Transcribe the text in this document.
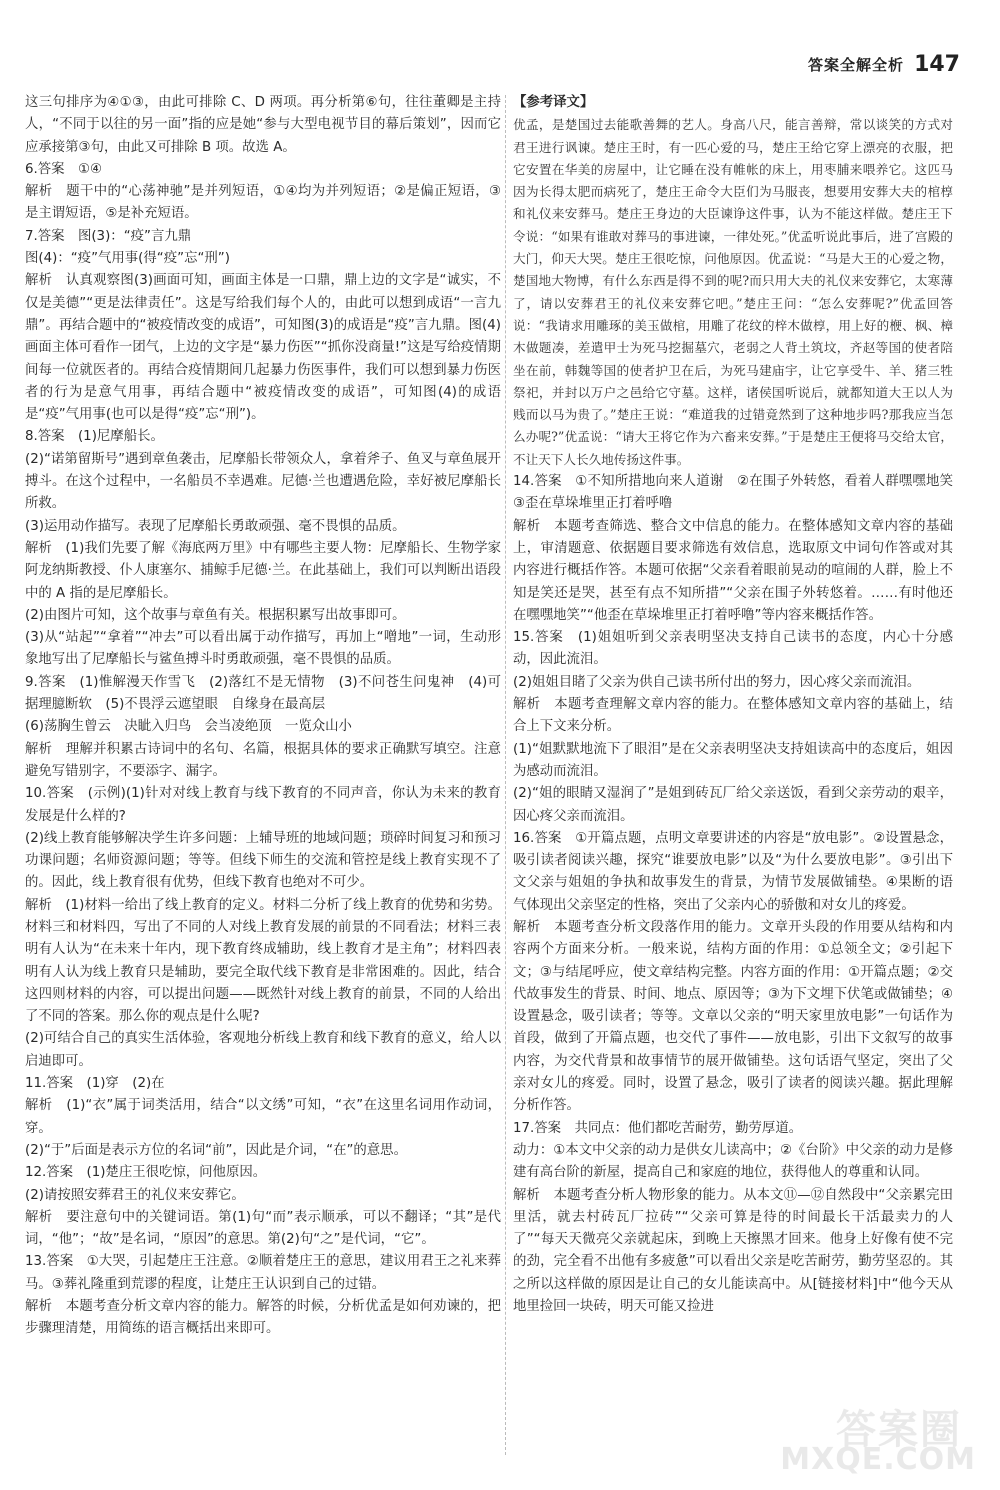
答案全解全析 147

这三句排序为④①③，由此可排除 C、D 两项。再分析第⑥句，往往董卿是主持人，“不同于以往的另一面”指的应是她“参与大型电视节目的幕后策划”，因而它应承接第③句，由此又可排除 B 项。故选 A。

6.答案　①④

解析　题干中的“心荡神驰”是并列短语，①④均为并列短语；②是偏正短语，③是主谓短语，⑤是补充短语。

7.答案　图(3)：“疫”言九鼎

图(4)：“疫”气用事(得“疫”忘“刑”)

解析　认真观察图(3)画面可知，画面主体是一口鼎，鼎上边的文字是“诚实，不仅是美德”“更是法律责任”。这是写给我们每个人的，由此可以想到成语“一言九鼎”。再结合题中的“被疫情改变的成语”，可知图(3)的成语是“疫”言九鼎。图(4)画面主体可看作一团气，上边的文字是“暴力伤医”“抓你没商量!”这是写给疫情期间每一位就医者的。再结合疫情期间几起暴力伤医事件，我们可以想到暴力伤医者的行为是意气用事，再结合题中“被疫情改变的成语”，可知图(4)的成语是“疫”气用事(也可以是得“疫”忘“刑”)。

8.答案　(1)尼摩船长。

(2)“诺第留斯号”遇到章鱼袭击，尼摩船长带领众人，拿着斧子、鱼叉与章鱼展开搏斗。在这个过程中，一名船员不幸遇难。尼德·兰也遭遇危险，幸好被尼摩船长所救。

(3)运用动作描写。表现了尼摩船长勇敢顽强、毫不畏惧的品质。

解析　(1)我们先要了解《海底两万里》中有哪些主要人物：尼摩船长、生物学家阿龙纳斯教授、仆人康塞尔、捕鲸手尼德·兰。在此基础上，我们可以判断出语段中的 A 指的是尼摩船长。

(2)由图片可知，这个故事与章鱼有关。根据积累写出故事即可。

(3)从“站起”“拿着”“冲去”可以看出属于动作描写，再加上“噌地”一词，生动形象地写出了尼摩船长与鲨鱼搏斗时勇敢顽强，毫不畏惧的品质。

9.答案　(1)惟解漫天作雪飞　(2)落红不是无情物　(3)不问苍生问鬼神　(4)可据理臆断软　(5)不畏浮云遮望眼　自缘身在最高层

(6)荡胸生曾云　决眦入归鸟　会当凌绝顶　一览众山小

解析　理解并积累古诗词中的名句、名篇，根据具体的要求正确默写填空。注意避免写错别字，不要添字、漏字。

10.答案　(示例)(1)针对对线上教育与线下教育的不同声音，你认为未来的教育发展是什么样的?

(2)线上教育能够解决学生许多问题：上辅导班的地域问题；琐碎时间复习和预习功课问题；名师资源问题；等等。但线下师生的交流和管控是线上教育实现不了的。因此，线上教育很有优势，但线下教育也绝对不可少。

解析　(1)材料一给出了线上教育的定义。材料二分析了线上教育的优势和劣势。材料三和材料四，写出了不同的人对线上教育发展的前景的不同看法；材料三表明有人认为“在未来十年内，现下教育终成辅助，线上教育才是主角”；材料四表明有人认为线上教育只是辅助，要完全取代线下教育是非常困难的。因此，结合这四则材料的内容，可以提出问题——既然针对线上教育的前景，不同的人给出了不同的答案。那么你的观点是什么呢?

(2)可结合自己的真实生活体验，客观地分析线上教育和线下教育的意义，给人以启迪即可。

11.答案　(1)穿　(2)在

解析　(1)“衣”属于词类活用，结合“以文绣”可知，“衣”在这里名词用作动词，穿。

(2)“于”后面是表示方位的名词“前”，因此是介词，“在”的意思。

12.答案　(1)楚庄王很吃惊，问他原因。

(2)请按照安葬君王的礼仪来安葬它。

解析　要注意句中的关键词语。第(1)句“而”表示顺承，可以不翻译；“其”是代词，“他”；“故”是名词，“原因”的意思。第(2)句“之”是代词，“它”。

13.答案　①大哭，引起楚庄王注意。②顺着楚庄王的意思，建议用君王之礼来葬马。③葬礼隆重到荒谬的程度，让楚庄王认识到自己的过错。

解析　本题考查分析文章内容的能力。解答的时候，分析优孟是如何劝谏的，把步骤理清楚，用简练的语言概括出来即可。

【参考译文】

优孟，是楚国过去能歌善舞的艺人。身高八尺，能言善辩，常以谈笑的方式对君王进行讽谏。楚庄王时，有一匹心爱的马，楚庄王给它穿上漂亮的衣服，把它安置在华美的房屋中，让它睡在没有帷帐的床上，用枣脯来喂养它。这匹马因为长得太肥而病死了，楚庄王命令大臣们为马服丧，想要用安葬大夫的棺椁和礼仪来安葬马。楚庄王身边的大臣谏诤这件事，认为不能这样做。楚庄王下令说：“如果有谁敢对葬马的事进谏，一律处死。”优孟听说此事后，进了宫殿的大门，仰天大哭。楚庄王很吃惊，问他原因。优孟说：“马是大王的心爱之物，楚国地大物博，有什么东西是得不到的呢?而只用大夫的礼仪来安葬它，太寒薄了，请以安葬君王的礼仪来安葬它吧。”楚庄王问：“怎么安葬呢?”优孟回答说：“我请求用雕琢的美玉做棺，用雕了花纹的梓木做椁，用上好的楩、枫、樟木做题凑，差遣甲士为死马挖掘墓穴，老弱之人背土筑坟，齐赵等国的使者陪坐在前，韩魏等国的使者护卫在后，为死马建庙宇，让它享受牛、羊、猪三牲祭祀，并封以万户之邑给它守墓。这样，诸侯国听说后，就都知道大王以人为贱而以马为贵了。”楚庄王说：“难道我的过错竟然到了这种地步吗?那我应当怎么办呢?”优孟说：“请大王将它作为六畜来安葬。”于是楚庄王便将马交给太官，不让天下人长久地传扬这件事。

14.答案　①不知所措地向来人道谢　②在围子外转悠，看着人群嘿嘿地笑　③歪在草垛堆里正打着呼噜

解析　本题考查筛选、整合文中信息的能力。在整体感知文章内容的基础上，审清题意、依据题目要求筛选有效信息，选取原文中词句作答或对其内容进行概括作答。本题可依据“父亲看着眼前晃动的喧闹的人群，脸上不知是笑还是哭，甚至有点不知所措”“父亲在围子外转悠着。……有时他还在嘿嘿地笑”“他歪在草垛堆里正打着呼噜”等内容来概括作答。

15.答案　(1)姐姐听到父亲表明坚决支持自己读书的态度，内心十分感动，因此流泪。

(2)姐姐目睹了父亲为供自己读书所付出的努力，因心疼父亲而流泪。

解析　本题考查理解文章内容的能力。在整体感知文章内容的基础上，结合上下文来分析。

(1)“姐默默地流下了眼泪”是在父亲表明坚决支持姐读高中的态度后，姐因为感动而流泪。

(2)“姐的眼睛又湿润了”是姐到砖瓦厂给父亲送饭，看到父亲劳动的艰辛，因心疼父亲而流泪。

16.答案　①开篇点题，点明文章要讲述的内容是“放电影”。②设置悬念，吸引读者阅读兴趣，探究“谁要放电影”以及“为什么要放电影”。③引出下文父亲与姐姐的争执和故事发生的背景，为情节发展做铺垫。④果断的语气体现出父亲坚定的性格，突出了父亲内心的骄傲和对女儿的疼爱。

解析　本题考查分析文段落作用的能力。文章开头段的作用要从结构和内容两个方面来分析。一般来说，结构方面的作用：①总领全文；②引起下文；③与结尾呼应，使文章结构完整。内容方面的作用：①开篇点题；②交代故事发生的背景、时间、地点、原因等；③为下文埋下伏笔或做铺垫；④设置悬念，吸引读者；等等。文章以父亲的“明天家里放电影”一句话作为首段，做到了开篇点题，也交代了事件——放电影，引出下文叙写的故事内容，为交代背景和故事情节的展开做铺垫。这句话语气坚定，突出了父亲对女儿的疼爱。同时，设置了悬念，吸引了读者的阅读兴趣。据此理解分析作答。

17.答案　共同点：他们都吃苦耐劳，勤劳厚道。

动力：①本文中父亲的动力是供女儿读高中；②《台阶》中父亲的动力是修建有高台阶的新屋，提高自己和家庭的地位，获得他人的尊重和认同。

解析　本题考查分析人物形象的能力。从本文⑪—⑫自然段中“父亲累完田里活，就去村砖瓦厂拉砖”“父亲可算是待的时间最长干活最卖力的人了”“每天天微亮父亲就起床，到晚上天擦黑才回来。他身上好像有使不完的劲，完全看不出他有多疲惫”可以看出父亲是吃苦耐劳，勤劳坚忍的。其之所以这样做的原因是让自己的女儿能读高中。从[链接材料]中“他今天从地里捡回一块砖，明天可能又捡进

答案圈
MXQE.COM
